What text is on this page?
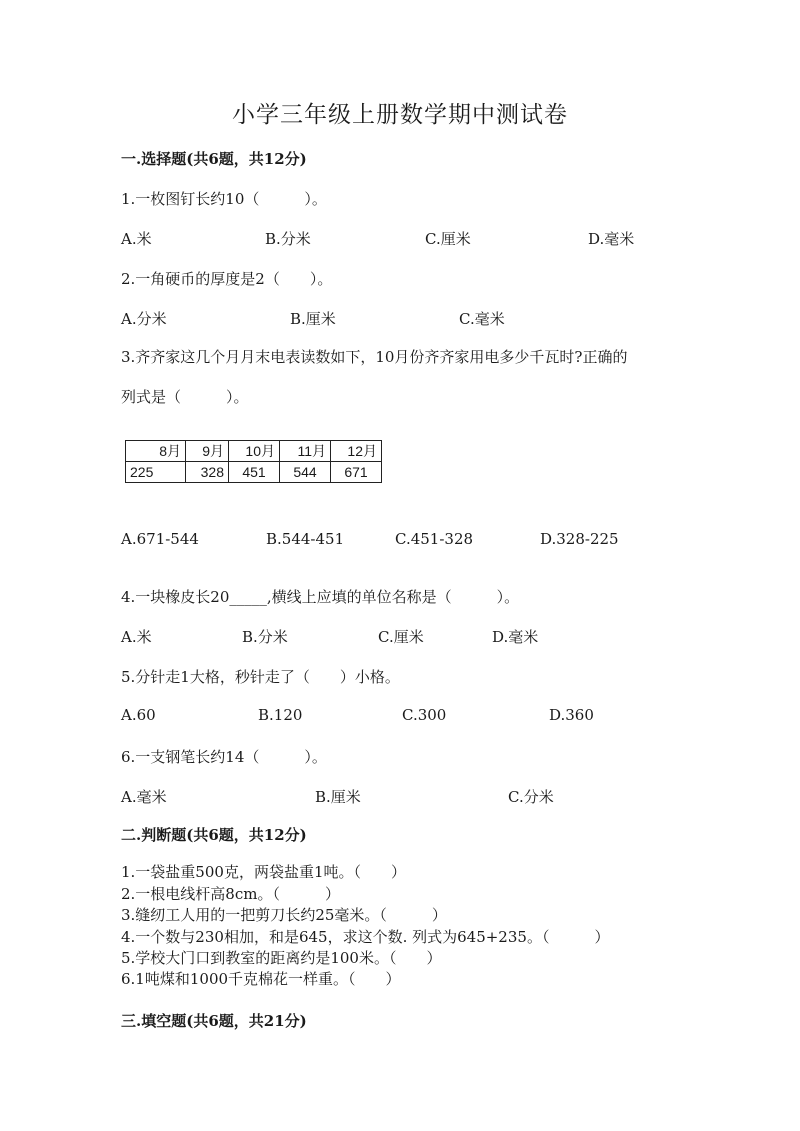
小学三年级上册数学期中测试卷
一.选择题(共6题，共12分)
1.一枚图钉长约10（　　　）。
A.米	B.分米	C.厘米	D.毫米
2.一角硬币的厚度是2（　　）。
A.分米	B.厘米	C.毫米
3.齐齐家这几个月月末电表读数如下，10月份齐齐家用电多少千瓦时?正确的
列式是（　　　）。
8月	9月	10月	11月	12月
225	328	451	544	671
A.671-544	B.544-451	C.451-328	D.328-225
4.一块橡皮长20_____,横线上应填的单位名称是（　　　）。
A.米	B.分米	C.厘米	D.毫米
5.分针走1大格，秒针走了（　　）小格。
A.60	B.120	C.300	D.360
6.一支钢笔长约14（　　　）。
A.毫米	B.厘米	C.分米
二.判断题(共6题，共12分)
1.一袋盐重500克，两袋盐重1吨。（　　）
2.一根电线杆高8cm。（　　　）
3.缝纫工人用的一把剪刀长约25毫米。（　　　）
4.一个数与230相加，和是645，求这个数. 列式为645+235。（　　　）
5.学校大门口到教室的距离约是100米。（　　）
6.1吨煤和1000千克棉花一样重。（　　）
三.填空题(共6题，共21分)
